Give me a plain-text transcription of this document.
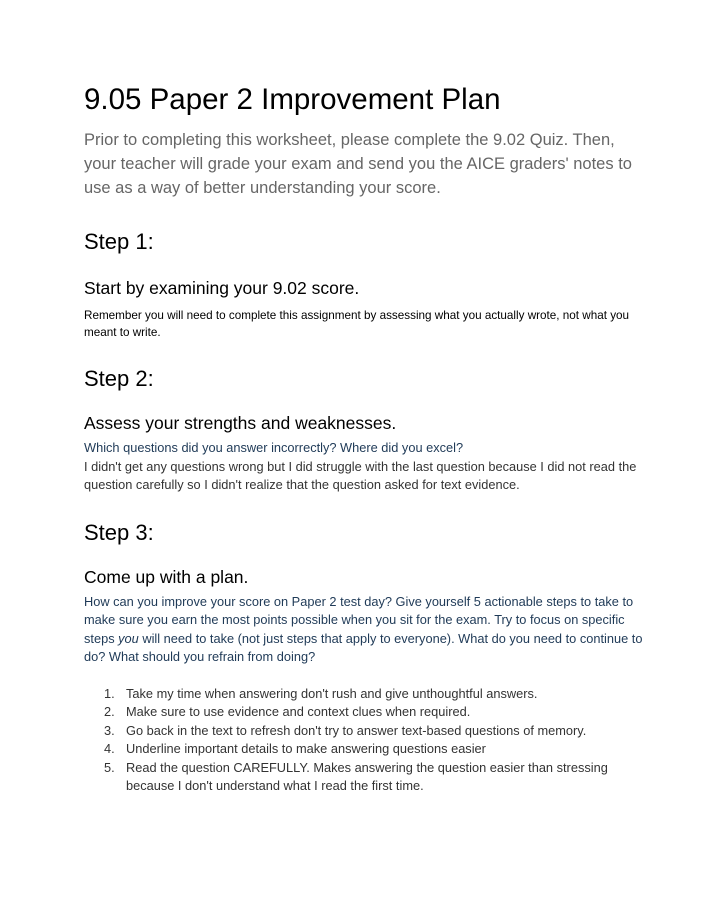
9.05 Paper 2 Improvement Plan

Prior to completing this worksheet, please complete the 9.02 Quiz. Then, your teacher will grade your exam and send you the AICE graders' notes to use as a way of better understanding your score.

Step 1:
Start by examining your 9.02 score.

Remember you will need to complete this assignment by assessing what you actually wrote, not what you meant to write.

Step 2:
Assess your strengths and weaknesses.

Which questions did you answer incorrectly? Where did you excel?

I didn't get any questions wrong but I did struggle with the last question because I did not read the question carefully so I didn't realize that the question asked for text evidence.

Step 3:
Come up with a plan.

How can you improve your score on Paper 2 test day? Give yourself 5 actionable steps to take to make sure you earn the most points possible when you sit for the exam. Try to focus on specific steps you will need to take (not just steps that apply to everyone). What do you need to continue to do? What should you refrain from doing?

1. Take my time when answering don't rush and give unthoughtful answers.
2. Make sure to use evidence and context clues when required.
3. Go back in the text to refresh don't try to answer text-based questions of memory.
4. Underline important details to make answering questions easier
5. Read the question CAREFULLY. Makes answering the question easier than stressing because I don't understand what I read the first time.
